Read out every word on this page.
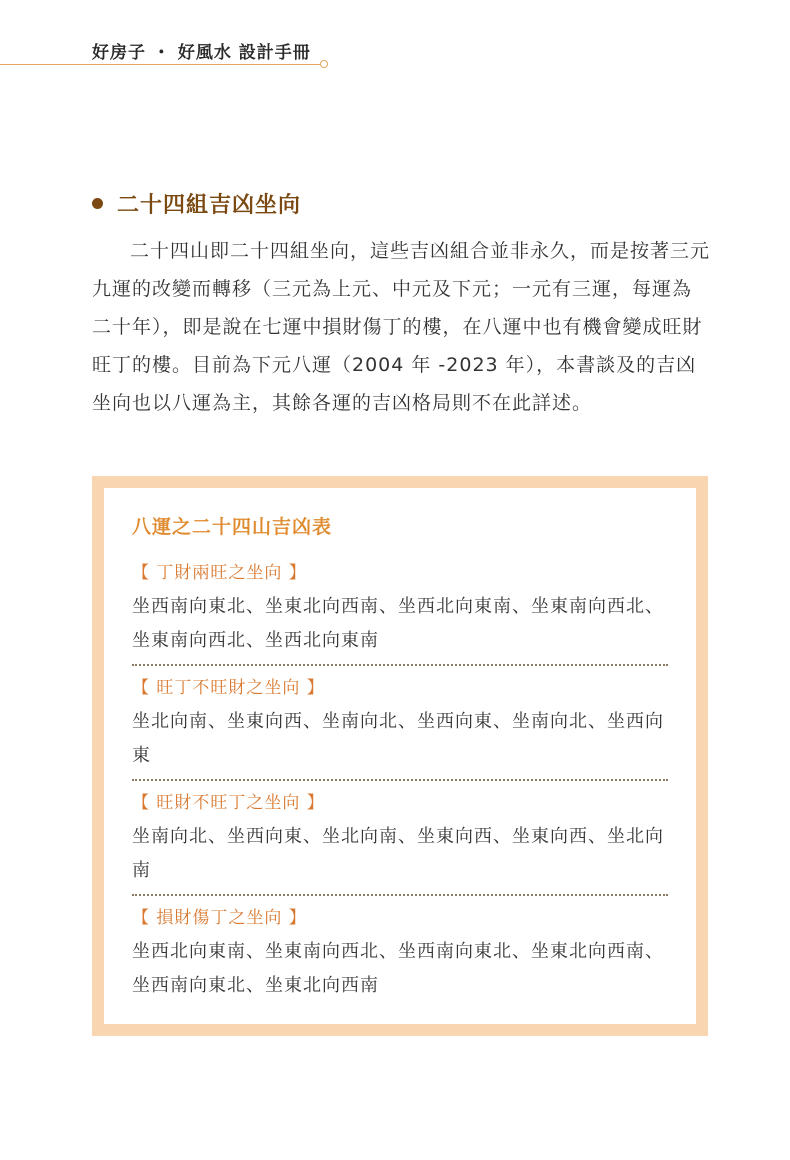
好房子 ・ 好風水 設計手冊
二十四組吉凶坐向

二十四山即二十四組坐向，這些吉凶組合並非永久，而是按著三元九運的改變而轉移（三元為上元、中元及下元；一元有三運，每運為二十年），即是說在七運中損財傷丁的樓，在八運中也有機會變成旺財旺丁的樓。目前為下元八運（2004 年 -2023 年），本書談及的吉凶坐向也以八運為主，其餘各運的吉凶格局則不在此詳述。

八運之二十四山吉凶表
【 丁財兩旺之坐向 】
坐西南向東北、坐東北向西南、坐西北向東南、坐東南向西北、坐東南向西北、坐西北向東南
【 旺丁不旺財之坐向 】
坐北向南、坐東向西、坐南向北、坐西向東、坐南向北、坐西向東
【 旺財不旺丁之坐向 】
坐南向北、坐西向東、坐北向南、坐東向西、坐東向西、坐北向南
【 損財傷丁之坐向 】
坐西北向東南、坐東南向西北、坐西南向東北、坐東北向西南、坐西南向東北、坐東北向西南
